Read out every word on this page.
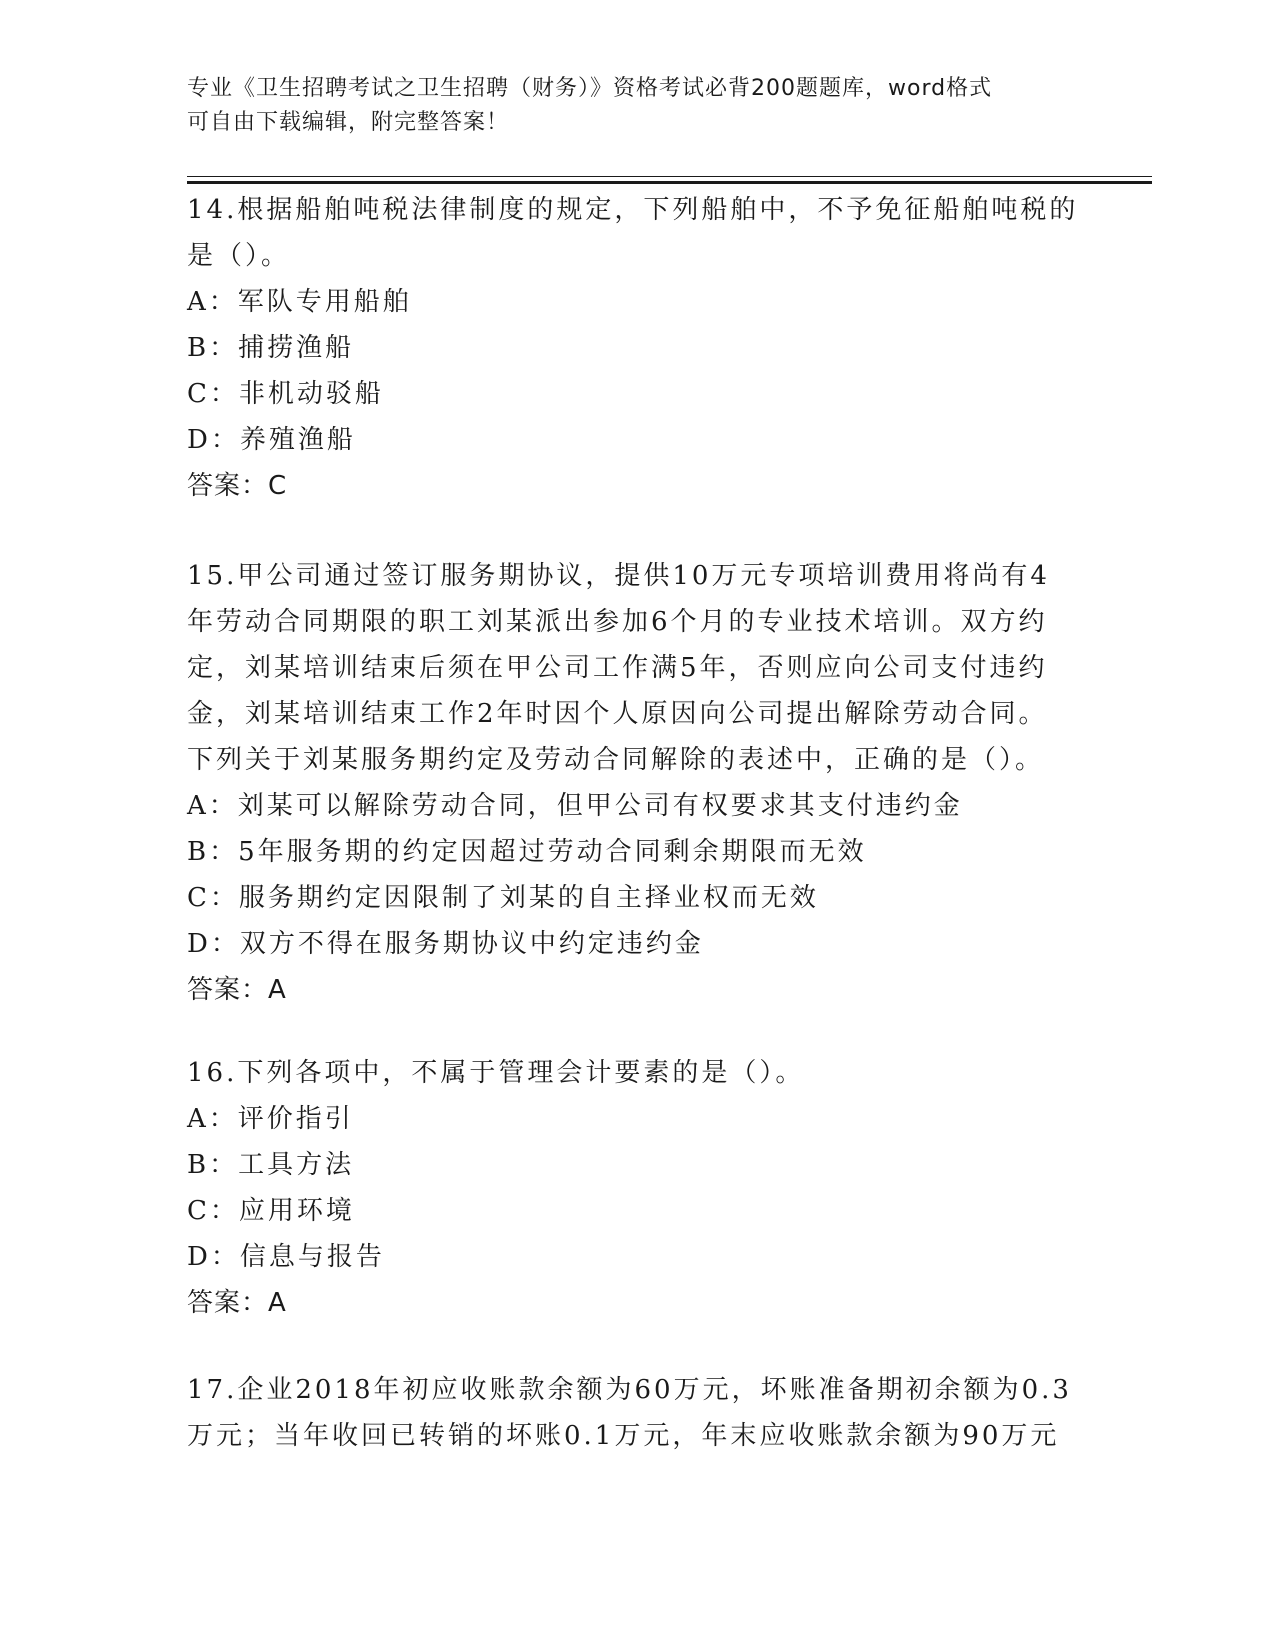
专业《卫生招聘考试之卫生招聘（财务）》资格考试必背200题题库，word格式
可自由下载编辑，附完整答案！
14.根据船舶吨税法律制度的规定，下列船舶中，不予免征船舶吨税的
是（）。
A：军队专用船舶
B：捕捞渔船
C：非机动驳船
D：养殖渔船
答案：C
15.甲公司通过签订服务期协议，提供10万元专项培训费用将尚有4
年劳动合同期限的职工刘某派出参加6个月的专业技术培训。双方约
定，刘某培训结束后须在甲公司工作满5年，否则应向公司支付违约
金，刘某培训结束工作2年时因个人原因向公司提出解除劳动合同。
下列关于刘某服务期约定及劳动合同解除的表述中，正确的是（）。
A：刘某可以解除劳动合同，但甲公司有权要求其支付违约金
B：5年服务期的约定因超过劳动合同剩余期限而无效
C：服务期约定因限制了刘某的自主择业权而无效
D：双方不得在服务期协议中约定违约金
答案：A
16.下列各项中，不属于管理会计要素的是（）。
A：评价指引
B：工具方法
C：应用环境
D：信息与报告
答案：A
17.企业2018年初应收账款余额为60万元，坏账准备期初余额为0.3
万元；当年收回已转销的坏账0.1万元，年末应收账款余额为90万元
